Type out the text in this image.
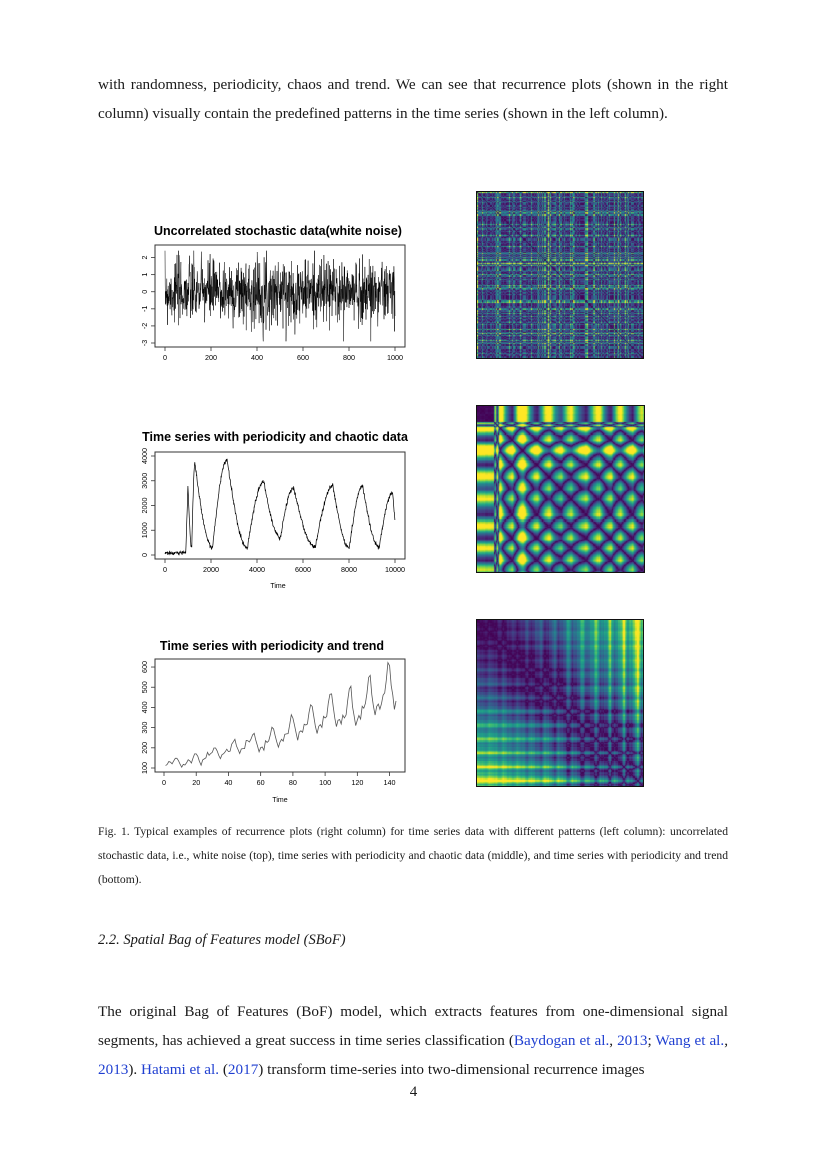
with randomness, periodicity, chaos and trend. We can see that recurrence plots (shown in the right column) visually contain the predefined patterns in the time series (shown in the left column).
Uncorrelated stochastic data(white noise)
0	200	400	600	800	1000
-3
-2
-1
0
1
2
Time series with periodicity and chaotic data
0	2000	4000	6000	8000	10000
0
1000
2000
3000
4000
Time
Time series with periodicity and trend
0	20	40	60	80	100	120	140
100
200
300
400
500
600
Time
Fig. 1. Typical examples of recurrence plots (right column) for time series data with different patterns (left column): uncorrelated stochastic data, i.e., white noise (top), time series with periodicity and chaotic data (middle), and time series with periodicity and trend (bottom).
2.2. Spatial Bag of Features model (SBoF)
The original Bag of Features (BoF) model, which extracts features from one-dimensional signal segments, has achieved a great success in time series classification (Baydogan et al., 2013; Wang et al., 2013). Hatami et al. (2017) transform time-series into two-dimensional recurrence images
4
